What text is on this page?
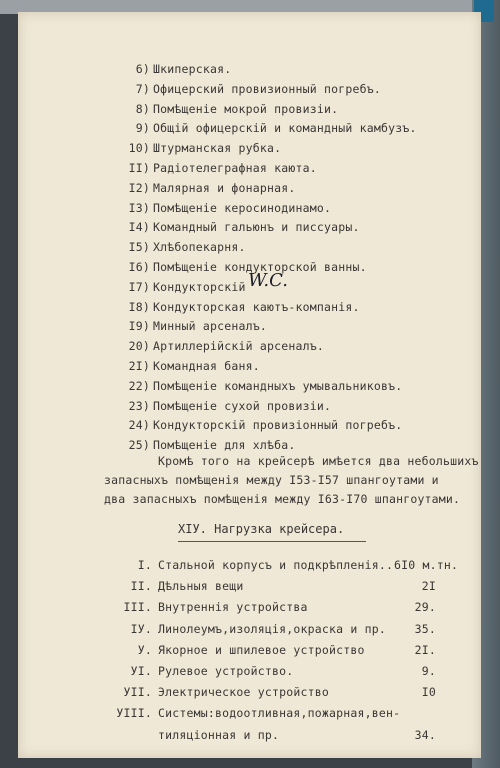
W.C.
XIУ. Нагрузка крейсера.
6) Шкиперская.
7) Офицерский провизионный погребъ.
8) Помѣщеніе мокрой провизіи.
9) Общій офицерскій и командный камбузъ.
10) Штурманская рубка.
II) Радіотелеграфная каюта.
I2) Малярная и фонарная.
I3) Помѣщеніе керосинодинамо.
I4) Командный гальюнъ и писсуары.
I5) Хлѣбопекарня.
I6) Помѣщеніе кондукторской ванны.
I7) Кондукторскій
I8) Кондукторская каютъ-компанія.
I9) Минный арсеналъ.
20) Артиллерійскій арсеналъ.
2I) Командная баня.
22) Помѣщеніе командныхъ умывальниковъ.
23) Помѣщеніе сухой провизіи.
24) Кондукторскій провизіонный погребъ.
25) Помѣщеніе для хлѣба.
Кромѣ того на крейсерѣ имѣется два небольшихъ
запасныхъ помѣщенія между I53-I57 шпангоутами и
два запасныхъ помѣщенія между I63-I70 шпангоутами.
I. Стальной корпусъ и подкрѣпленія.. 6I0 м.тн.
II. Дѣльныя вещи	2I
III. Внутреннія устройства	29.
IУ. Линолеумъ,изоляція,окраска и пр.	35.
У. Якорное и шпилевое устройство	2I.
УI. Рулевое устройство.	9.
УII. Электрическое устройство	I0
УIII. Системы:водоотливная,пожарная,вен-
тиляціонная и пр.	34.
